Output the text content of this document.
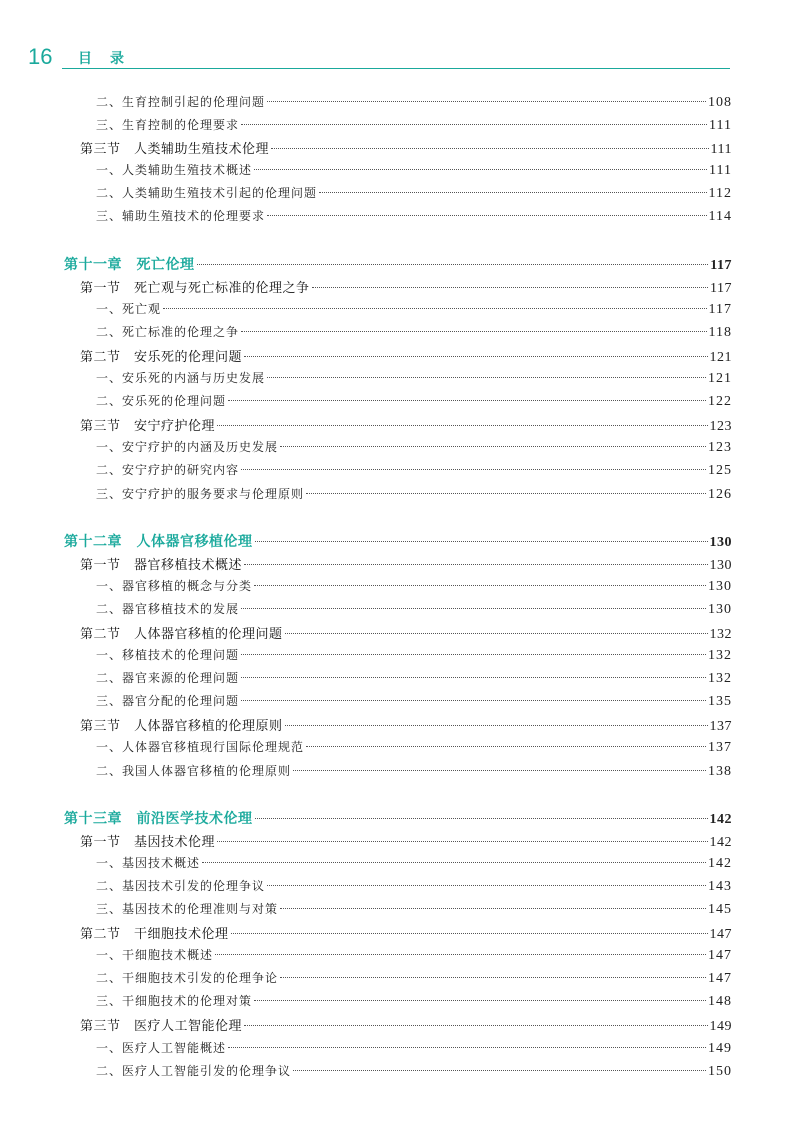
16 目录
二、生育控制引起的伦理问题	108
三、生育控制的伦理要求	111
第三节　人类辅助生殖技术伦理	111
一、人类辅助生殖技术概述	111
二、人类辅助生殖技术引起的伦理问题	112
三、辅助生殖技术的伦理要求	114
第十一章　死亡伦理	117
第一节　死亡观与死亡标准的伦理之争	117
一、死亡观	117
二、死亡标准的伦理之争	118
第二节　安乐死的伦理问题	121
一、安乐死的内涵与历史发展	121
二、安乐死的伦理问题	122
第三节　安宁疗护伦理	123
一、安宁疗护的内涵及历史发展	123
二、安宁疗护的研究内容	125
三、安宁疗护的服务要求与伦理原则	126
第十二章　人体器官移植伦理	130
第一节　器官移植技术概述	130
一、器官移植的概念与分类	130
二、器官移植技术的发展	130
第二节　人体器官移植的伦理问题	132
一、移植技术的伦理问题	132
二、器官来源的伦理问题	132
三、器官分配的伦理问题	135
第三节　人体器官移植的伦理原则	137
一、人体器官移植现行国际伦理规范	137
二、我国人体器官移植的伦理原则	138
第十三章　前沿医学技术伦理	142
第一节　基因技术伦理	142
一、基因技术概述	142
二、基因技术引发的伦理争议	143
三、基因技术的伦理准则与对策	145
第二节　干细胞技术伦理	147
一、干细胞技术概述	147
二、干细胞技术引发的伦理争论	147
三、干细胞技术的伦理对策	148
第三节　医疗人工智能伦理	149
一、医疗人工智能概述	149
二、医疗人工智能引发的伦理争议	150
